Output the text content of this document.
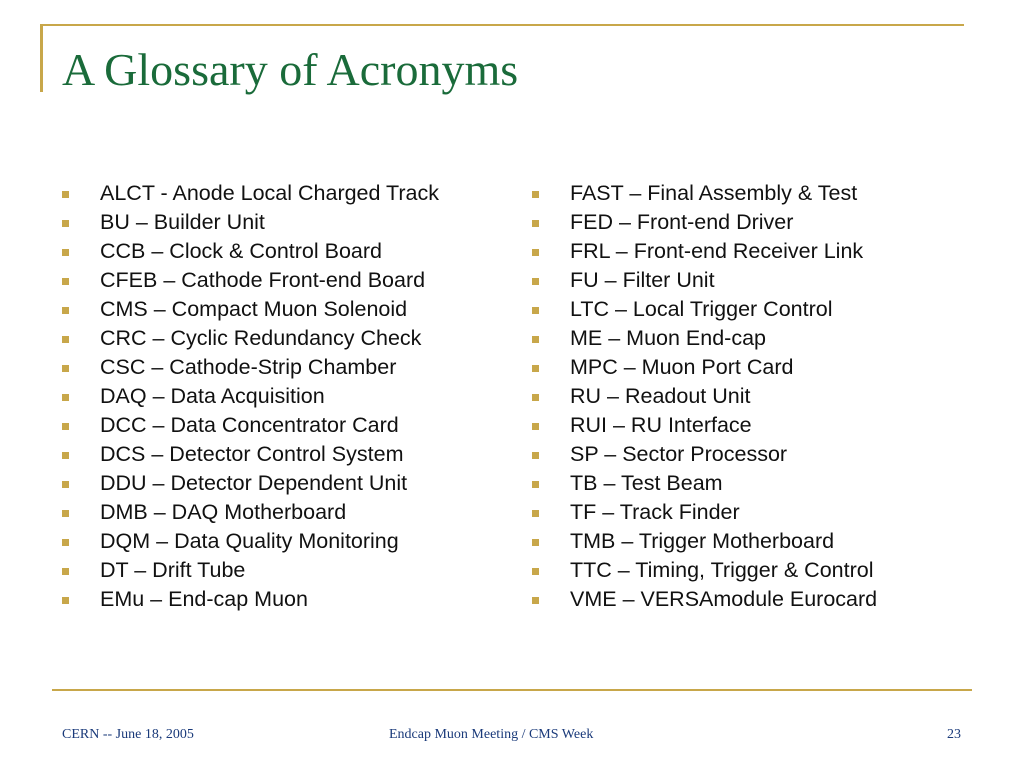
A Glossary of Acronyms
ALCT - Anode Local Charged Track
BU – Builder Unit
CCB – Clock & Control Board
CFEB – Cathode Front-end Board
CMS – Compact Muon Solenoid
CRC – Cyclic Redundancy Check
CSC – Cathode-Strip Chamber
DAQ – Data Acquisition
DCC – Data Concentrator Card
DCS – Detector Control System
DDU – Detector Dependent Unit
DMB – DAQ Motherboard
DQM – Data Quality Monitoring
DT – Drift Tube
EMu – End-cap Muon
FAST – Final Assembly & Test
FED – Front-end Driver
FRL – Front-end Receiver Link
FU – Filter Unit
LTC – Local Trigger Control
ME – Muon End-cap
MPC – Muon Port Card
RU – Readout Unit
RUI – RU Interface
SP – Sector Processor
TB – Test Beam
TF – Track Finder
TMB – Trigger Motherboard
TTC – Timing, Trigger & Control
VME – VERSAmodule Eurocard
CERN -- June 18, 2005	Endcap Muon Meeting / CMS Week	23
